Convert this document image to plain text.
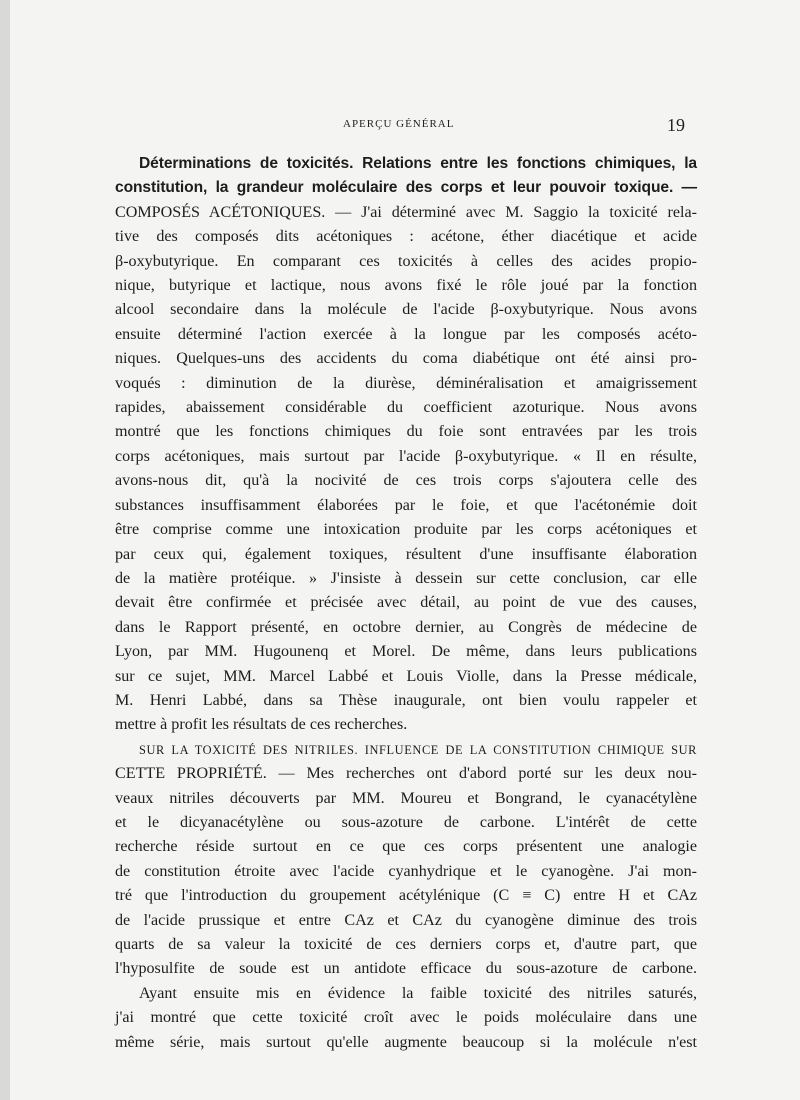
APERÇU GÉNÉRAL	19

Déterminations de toxicités. Relations entre les fonctions chimiques, la
constitution, la grandeur moléculaire des corps et leur pouvoir toxique. —
COMPOSÉS ACÉTONIQUES. — J'ai déterminé avec M. Saggio la toxicité rela-
tive des composés dits acétoniques : acétone, éther diacétique et acide
β-oxybutyrique. En comparant ces toxicités à celles des acides propio-
nique, butyrique et lactique, nous avons fixé le rôle joué par la fonction
alcool secondaire dans la molécule de l'acide β-oxybutyrique. Nous avons
ensuite déterminé l'action exercée à la longue par les composés acéto-
niques. Quelques-uns des accidents du coma diabétique ont été ainsi pro-
voqués : diminution de la diurèse, déminéralisation et amaigrissement
rapides, abaissement considérable du coefficient azoturique. Nous avons
montré que les fonctions chimiques du foie sont entravées par les trois
corps acétoniques, mais surtout par l'acide β-oxybutyrique. « Il en résulte,
avons-nous dit, qu'à la nocivité de ces trois corps s'ajoutera celle des
substances insuffisamment élaborées par le foie, et que l'acétonémie doit
être comprise comme une intoxication produite par les corps acétoniques et
par ceux qui, également toxiques, résultent d'une insuffisante élaboration
de la matière protéique. » J'insiste à dessein sur cette conclusion, car elle
devait être confirmée et précisée avec détail, au point de vue des causes,
dans le Rapport présenté, en octobre dernier, au Congrès de médecine de
Lyon, par MM. Hugounenq et Morel. De même, dans leurs publications
sur ce sujet, MM. Marcel Labbé et Louis Violle, dans la Presse médicale,
M. Henri Labbé, dans sa Thèse inaugurale, ont bien voulu rappeler et
mettre à profit les résultats de ces recherches.

SUR LA TOXICITÉ DES NITRILES. INFLUENCE DE LA CONSTITUTION CHIMIQUE SUR
CETTE PROPRIÉTÉ. — Mes recherches ont d'abord porté sur les deux nou-
veaux nitriles découverts par MM. Moureu et Bongrand, le cyanacétylène
et le dicyanacétylène ou sous-azoture de carbone. L'intérêt de cette
recherche réside surtout en ce que ces corps présentent une analogie
de constitution étroite avec l'acide cyanhydrique et le cyanogène. J'ai mon-
tré que l'introduction du groupement acétylénique (C ≡ C) entre H et CAz
de l'acide prussique et entre CAz et CAz du cyanogène diminue des trois
quarts de sa valeur la toxicité de ces derniers corps et, d'autre part, que
l'hyposulfite de soude est un antidote efficace du sous-azoture de carbone.

Ayant ensuite mis en évidence la faible toxicité des nitriles saturés,
j'ai montré que cette toxicité croît avec le poids moléculaire dans une
même série, mais surtout qu'elle augmente beaucoup si la molécule n'est
